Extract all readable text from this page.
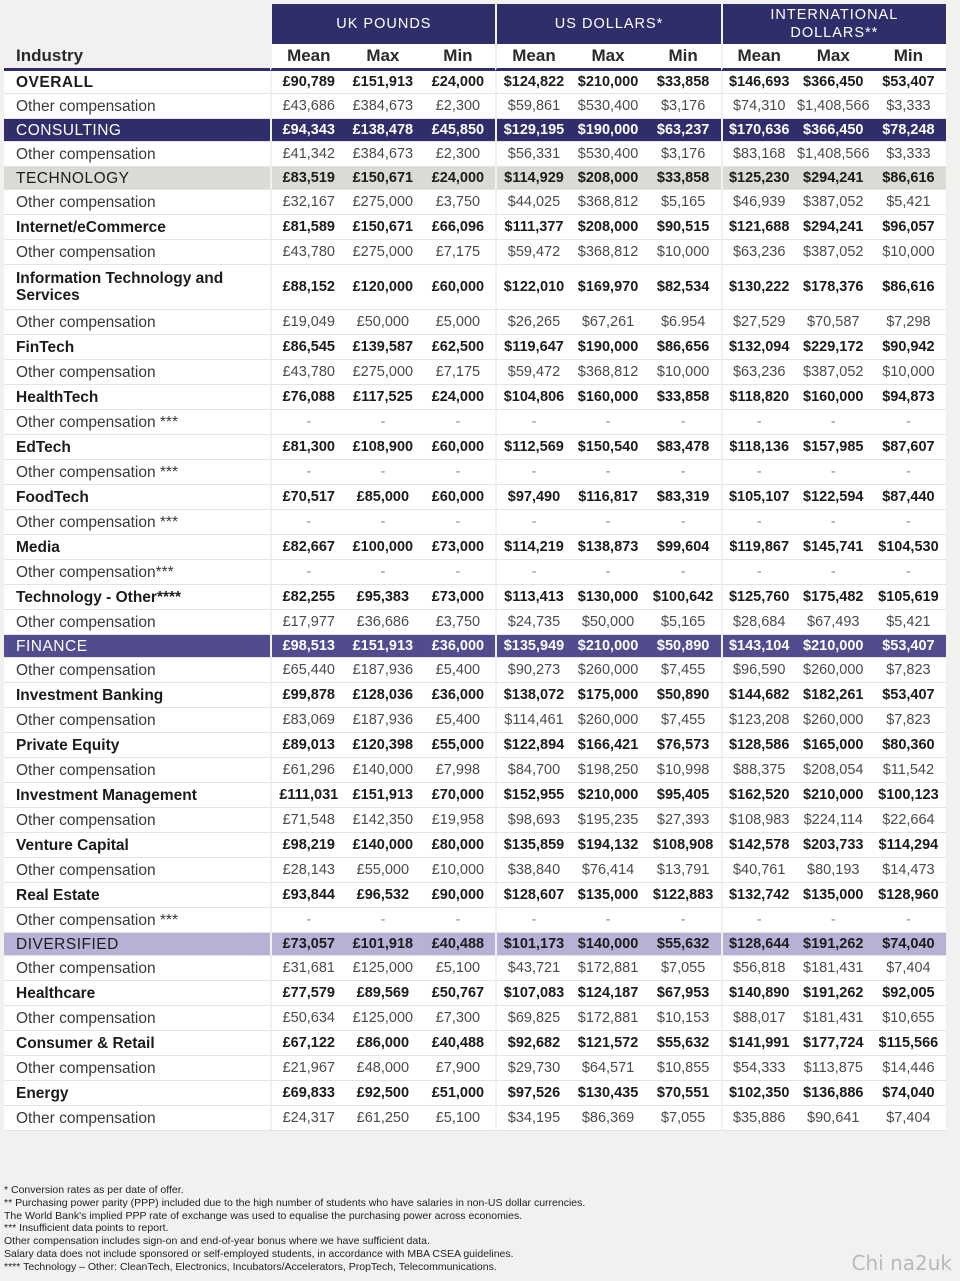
	UK POUNDS			US DOLLARS*			INTERNATIONAL DOLLARS**		
Industry	Mean	Max	Min	Mean	Max	Min	Mean	Max	Min
OVERALL	£90,789	£151,913	£24,000	$124,822	$210,000	$33,858	$146,693	$366,450	$53,407
Other compensation	£43,686	£384,673	£2,300	$59,861	$530,400	$3,176	$74,310	$1,408,566	$3,333
CONSULTING	£94,343	£138,478	£45,850	$129,195	$190,000	$63,237	$170,636	$366,450	$78,248
Other compensation	£41,342	£384,673	£2,300	$56,331	$530,400	$3,176	$83,168	$1,408,566	$3,333
TECHNOLOGY	£83,519	£150,671	£24,000	$114,929	$208,000	$33,858	$125,230	$294,241	$86,616
Other compensation	£32,167	£275,000	£3,750	$44,025	$368,812	$5,165	$46,939	$387,052	$5,421
Internet/eCommerce	£81,589	£150,671	£66,096	$111,377	$208,000	$90,515	$121,688	$294,241	$96,057
Other compensation	£43,780	£275,000	£7,175	$59,472	$368,812	$10,000	$63,236	$387,052	$10,000
Information Technology and Services	£88,152	£120,000	£60,000	$122,010	$169,970	$82,534	$130,222	$178,376	$86,616
Other compensation	£19,049	£50,000	£5,000	$26,265	$67,261	$6.954	$27,529	$70,587	$7,298
FinTech	£86,545	£139,587	£62,500	$119,647	$190,000	$86,656	$132,094	$229,172	$90,942
Other compensation	£43,780	£275,000	£7,175	$59,472	$368,812	$10,000	$63,236	$387,052	$10,000
HealthTech	£76,088	£117,525	£24,000	$104,806	$160,000	$33,858	$118,820	$160,000	$94,873
Other compensation ***	-	-	-	-	-	-	-	-	-
EdTech	£81,300	£108,900	£60,000	$112,569	$150,540	$83,478	$118,136	$157,985	$87,607
Other compensation ***	-	-	-	-	-	-	-	-	-
FoodTech	£70,517	£85,000	£60,000	$97,490	$116,817	$83,319	$105,107	$122,594	$87,440
Other compensation ***	-	-	-	-	-	-	-	-	-
Media	£82,667	£100,000	£73,000	$114,219	$138,873	$99,604	$119,867	$145,741	$104,530
Other compensation***	-	-	-	-	-	-	-	-	-
Technology - Other****	£82,255	£95,383	£73,000	$113,413	$130,000	$100,642	$125,760	$175,482	$105,619
Other compensation	£17,977	£36,686	£3,750	$24,735	$50,000	$5,165	$28,684	$67,493	$5,421
FINANCE	£98,513	£151,913	£36,000	$135,949	$210,000	$50,890	$143,104	$210,000	$53,407
Other compensation	£65,440	£187,936	£5,400	$90,273	$260,000	$7,455	$96,590	$260,000	$7,823
Investment Banking	£99,878	£128,036	£36,000	$138,072	$175,000	$50,890	$144,682	$182,261	$53,407
Other compensation	£83,069	£187,936	£5,400	$114,461	$260,000	$7,455	$123,208	$260,000	$7,823
Private Equity	£89,013	£120,398	£55,000	$122,894	$166,421	$76,573	$128,586	$165,000	$80,360
Other compensation	£61,296	£140,000	£7,998	$84,700	$198,250	$10,998	$88,375	$208,054	$11,542
Investment Management	£111,031	£151,913	£70,000	$152,955	$210,000	$95,405	$162,520	$210,000	$100,123
Other compensation	£71,548	£142,350	£19,958	$98,693	$195,235	$27,393	$108,983	$224,114	$22,664
Venture Capital	£98,219	£140,000	£80,000	$135,859	$194,132	$108,908	$142,578	$203,733	$114,294
Other compensation	£28,143	£55,000	£10,000	$38,840	$76,414	$13,791	$40,761	$80,193	$14,473
Real Estate	£93,844	£96,532	£90,000	$128,607	$135,000	$122,883	$132,742	$135,000	$128,960
Other compensation ***	-	-	-	-	-	-	-	-	-
DIVERSIFIED	£73,057	£101,918	£40,488	$101,173	$140,000	$55,632	$128,644	$191,262	$74,040
Other compensation	£31,681	£125,000	£5,100	$43,721	$172,881	$7,055	$56,818	$181,431	$7,404
Healthcare	£77,579	£89,569	£50,767	$107,083	$124,187	$67,953	$140,890	$191,262	$92,005
Other compensation	£50,634	£125,000	£7,300	$69,825	$172,881	$10,153	$88,017	$181,431	$10,655
Consumer & Retail	£67,122	£86,000	£40,488	$92,682	$121,572	$55,632	$141,991	$177,724	$115,566
Other compensation	£21,967	£48,000	£7,900	$29,730	$64,571	$10,855	$54,333	$113,875	$14,446
Energy	£69,833	£92,500	£51,000	$97,526	$130,435	$70,551	$102,350	$136,886	$74,040
Other compensation	£24,317	£61,250	£5,100	$34,195	$86,369	$7,055	$35,886	$90,641	$7,404
* Conversion rates as per date of offer.
** Purchasing power parity (PPP) included due to the high number of students who have salaries in non-US dollar currencies.
The World Bank's implied PPP rate of exchange was used to equalise the purchasing power across economies.
*** Insufficient data points to report.
Other compensation includes sign-on and end-of-year bonus where we have sufficient data.
Salary data does not include sponsored or self-employed students, in accordance with MBA CSEA guidelines.
**** Technology – Other: CleanTech, Electronics, Incubators/Accelerators, PropTech, Telecommunications.	Chi na2uk
